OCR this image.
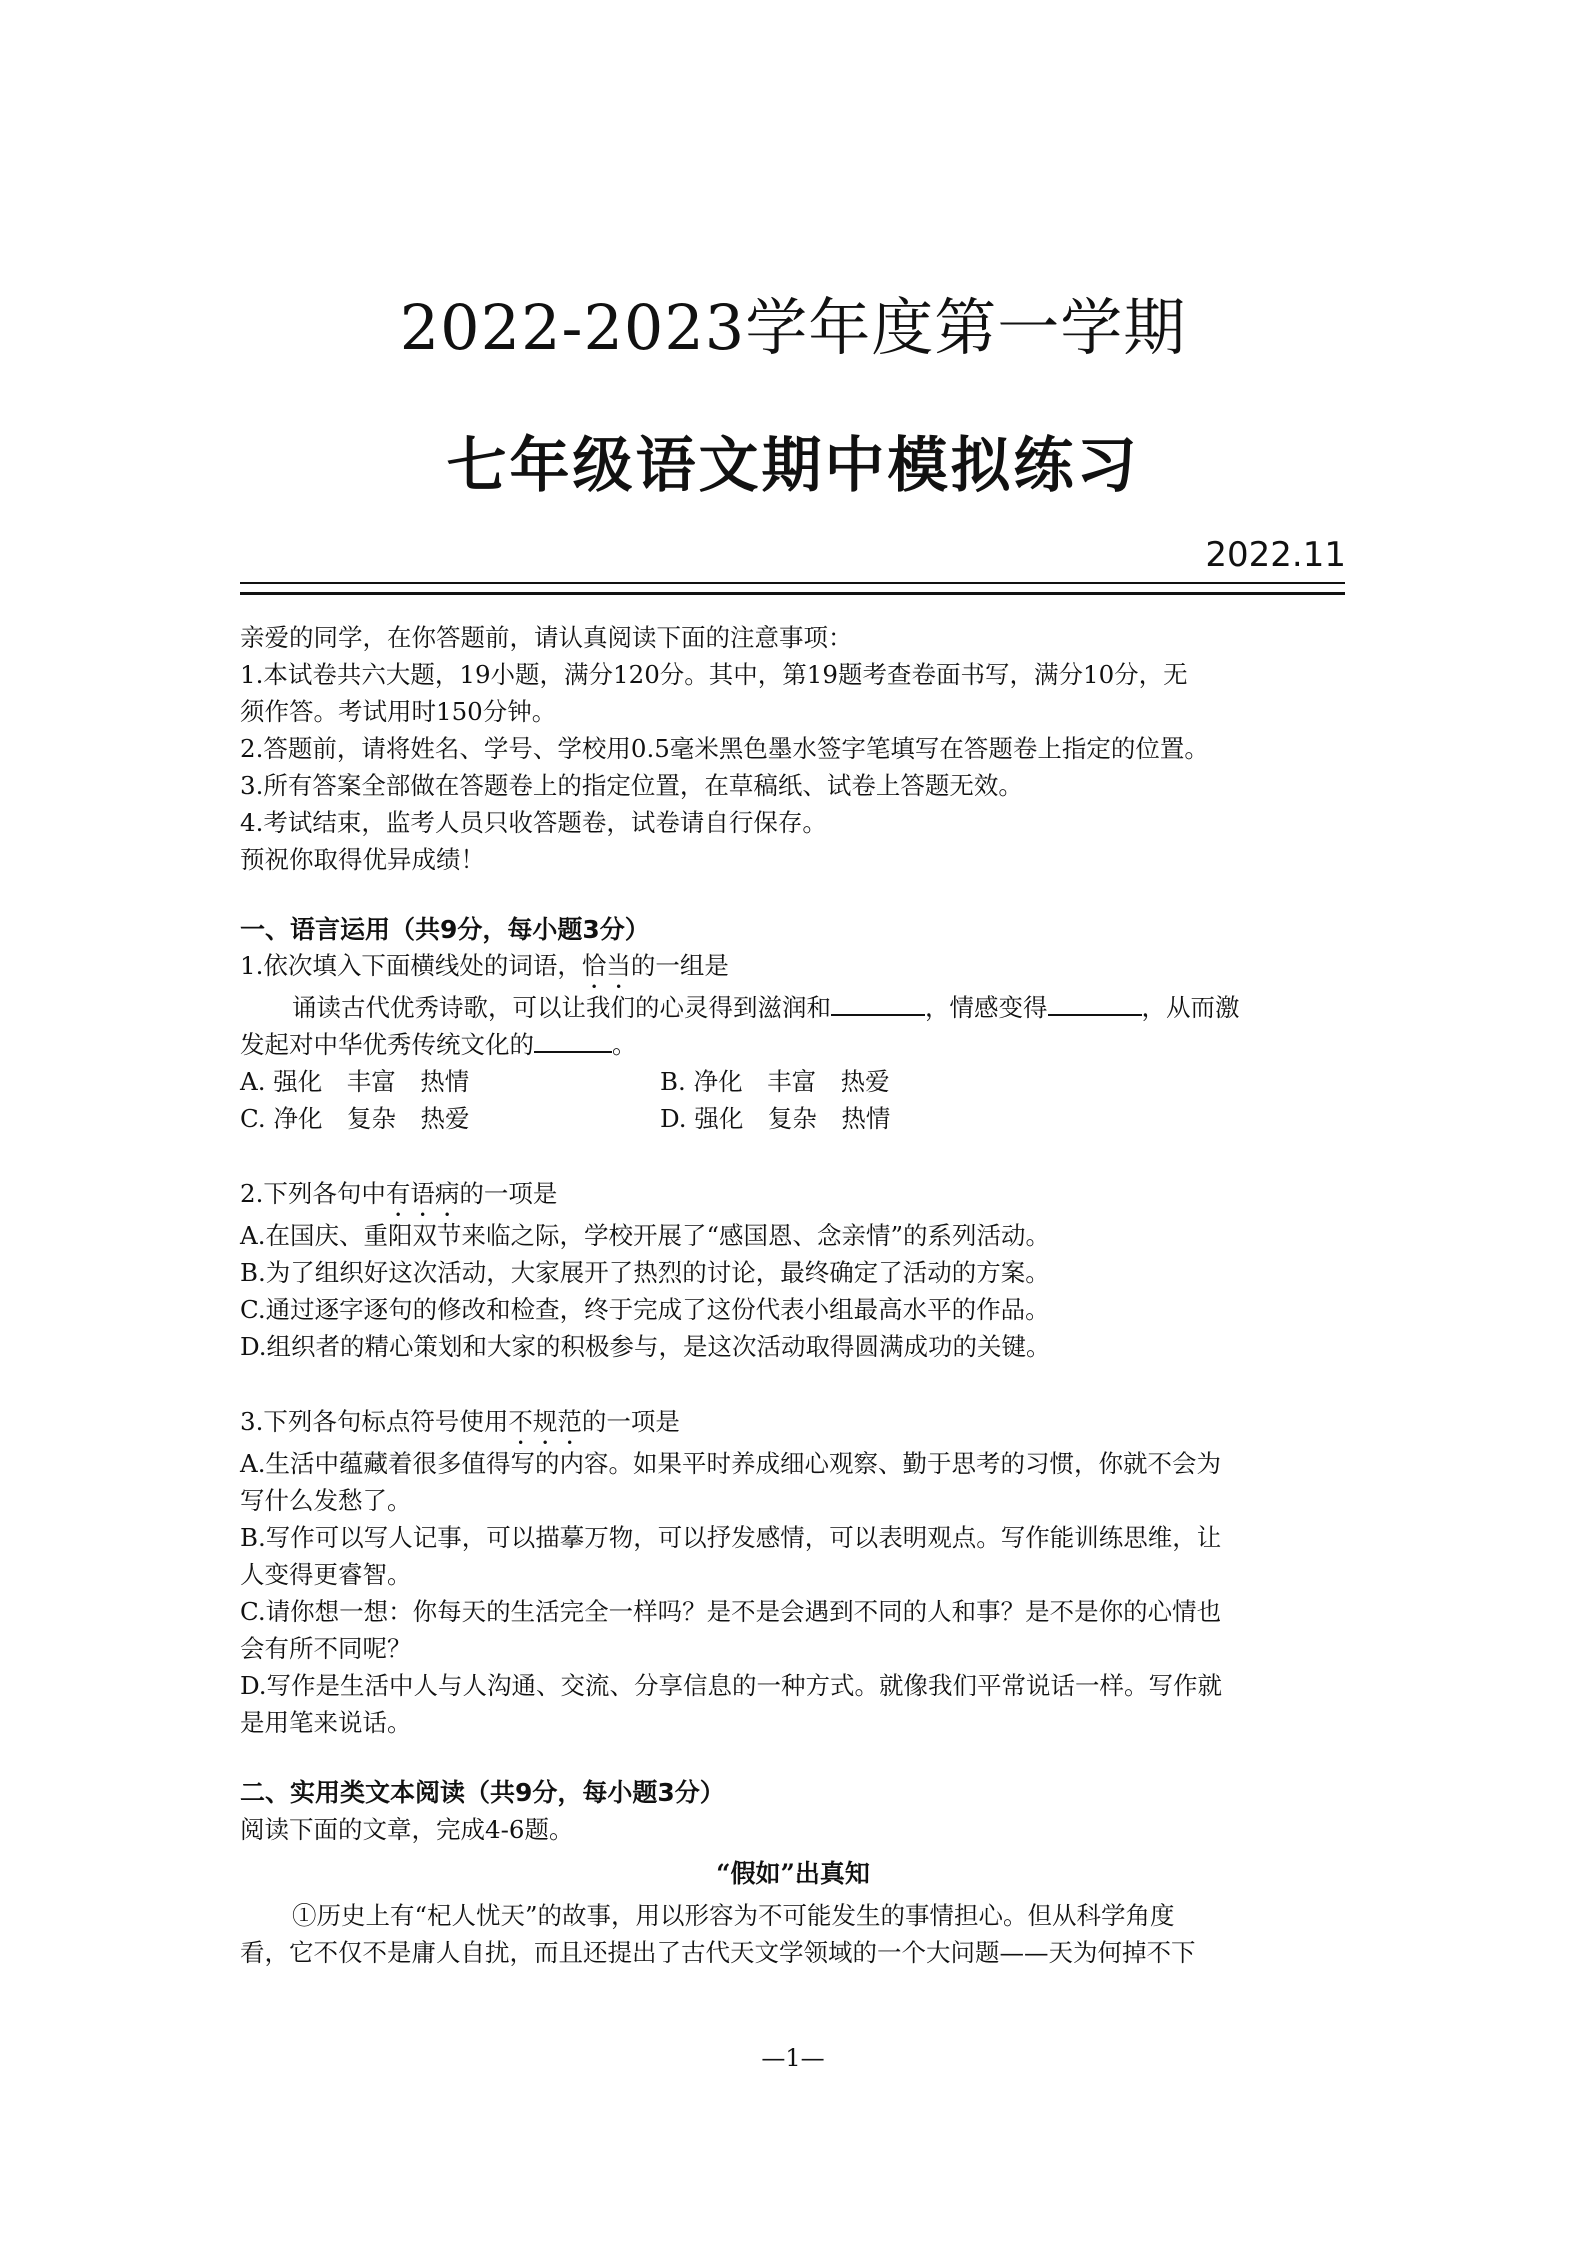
2022-2023学年度第一学期
七年级语文期中模拟练习
2022.11
亲爱的同学，在你答题前，请认真阅读下面的注意事项：
1.本试卷共六大题，19小题，满分120分。其中，第19题考查卷面书写，满分10分，无
须作答。考试用时150分钟。
2.答题前，请将姓名、学号、学校用0.5毫米黑色墨水签字笔填写在答题卷上指定的位置。
3.所有答案全部做在答题卷上的指定位置，在草稿纸、试卷上答题无效。
4.考试结束，监考人员只收答题卷，试卷请自行保存。
预祝你取得优异成绩！
一、语言运用（共9分，每小题3分）
1.依次填入下面横线处的词语，恰当的一组是
诵读古代优秀诗歌，可以让我们的心灵得到滋润和	，情感变得	，从而激
发起对中华优秀传统文化的	。
A. 强化　丰富　热情	B. 净化　丰富　热爱
C. 净化　复杂　热爱	D. 强化　复杂　热情
2.下列各句中有语病的一项是
A.在国庆、重阳双节来临之际，学校开展了“感国恩、念亲情”的系列活动。
B.为了组织好这次活动，大家展开了热烈的讨论，最终确定了活动的方案。
C.通过逐字逐句的修改和检查，终于完成了这份代表小组最高水平的作品。
D.组织者的精心策划和大家的积极参与，是这次活动取得圆满成功的关键。
3.下列各句标点符号使用不规范的一项是
A.生活中蕴藏着很多值得写的内容。如果平时养成细心观察、勤于思考的习惯，你就不会为
写什么发愁了。
B.写作可以写人记事，可以描摹万物，可以抒发感情，可以表明观点。写作能训练思维，让
人变得更睿智。
C.请你想一想：你每天的生活完全一样吗？是不是会遇到不同的人和事？是不是你的心情也
会有所不同呢？
D.写作是生活中人与人沟通、交流、分享信息的一种方式。就像我们平常说话一样。写作就
是用笔来说话。
二、实用类文本阅读（共9分，每小题3分）
阅读下面的文章，完成4-6题。
“假如”出真知
①历史上有“杞人忧天”的故事，用以形容为不可能发生的事情担心。但从科学角度
看，它不仅不是庸人自扰，而且还提出了古代天文学领域的一个大问题——天为何掉不下
—1—
